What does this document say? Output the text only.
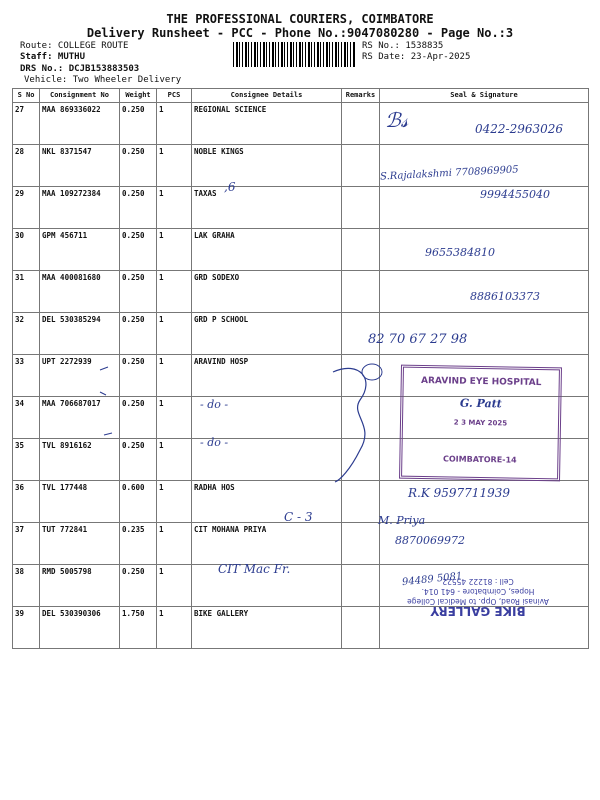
THE PROFESSIONAL COURIERS, COIMBATORE
Delivery Runsheet - PCC - Phone No.:9047080280 - Page No.:3
Route: COLLEGE ROUTE
Staff: MUTHU
DRS No.: DCJB153883503
Vehicle: Two Wheeler Delivery
RS No.: 1538835
RS Date: 23-Apr-2025
S No	Consignment No	Weight	PCS	Consignee Details	Remarks	Seal & Signature
27	MAA 869336022	0.250	1	REGIONAL SCIENCE		
28	NKL 8371547	0.250	1	NOBLE KINGS		
29	MAA 109272384	0.250	1	TAXAS		
30	GPM 456711	0.250	1	LAK GRAHA		
31	MAA 400081680	0.250	1	GRD SODEXO		
32	DEL 530385294	0.250	1	GRD P SCHOOL		
33	UPT 2272939	0.250	1	ARAVIND HOSP		
34	MAA 706687017	0.250	1			
35	TVL 8916162	0.250	1			
36	TVL 177448	0.600	1	RADHA HOS		
37	TUT 772841	0.235	1	CIT MOHANA PRIYA		
38	RMD 5005798	0.250	1			
39	DEL 530390306	1.750	1	BIKE GALLERY		
ℬ𝓈	0422-2963026
S.Rajalakshmi 7708969905
9994455040
,6
9655384810
8886103373
82 70 67 27 98
- do -
- do -
R.K 9597711939
C - 3	M. Priya
8870069972
CIT Mac Fr.
94489 5081
ARAVIND EYE HOSPITAL
G. Patt
2 3 MAY 2025
COIMBATORE-14
BIKE GALLERY
Avinasi Road, Opp. to Medical College
Hopes, Coimbatore - 641 014.
Cell : 81222 45522
